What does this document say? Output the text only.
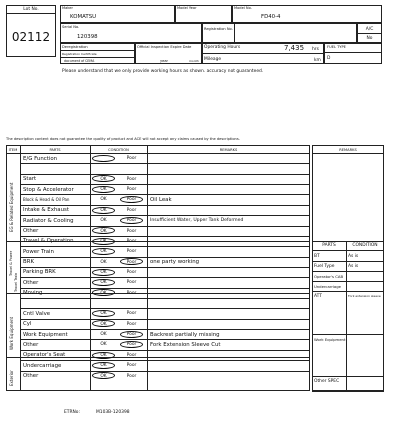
Lot No.
02112
Maker
KOMATSU
Model Year	Model No.
FD40-4
Serial No.
120398
Registration No.	A/C
No
Deregistration
Registration Certificate
document of CEMA
Official Inspection Expire Date
year	month
Operating Hours	7,435 hrs
Mileage	km
FUEL TYPE
D
Please understand that we only provide working hours as shown. accuracy not guaranteed.
The description content does not guarantee the quality of product and ACE will not accept any claims caused by the descriptions.
ITEM	PARTS	CONDITION	REMARKS	REMARKS
EG & Related Equipment
Travel & Power
Travel Train
Work Equipment
Exterior
PARTS	CONDITION
E/G Function	Poor
Start	OK	Poor
Stop & Accelerator	OK	Poor
Block & Head & Oil Pan	OK	Poor	Oil Leak
Intake & Exhaust	OK	Poor
Radiator & Cooling	OK	Poor	Insufficient Water, Upper Tank Deformed
Other	OK	Poor
Travel & Operation	OK	Poor
Power Train	OK	Poor
BRK	OK	Poor	one party working
Parking BRK	OK	Poor
Other	OK	Poor
Moving	OK	Poor
Cntl Valve	OK	Poor
Cyl	OK	Poor
Work Equipment	OK	Poor	Backrest partially missing
Other	OK	Poor	Fork Extension Sleeve Cut
Operator's Seat	OK	Poor
Undercarriage	OK	Poor
Other	OK	Poor
BT	As is
Fuel Type	As is
Operator's CAB
Undercarriage
ATT	Fork extension sleeve
Work Equipment
Other SPEC
ETRNo:	M103B-120398
